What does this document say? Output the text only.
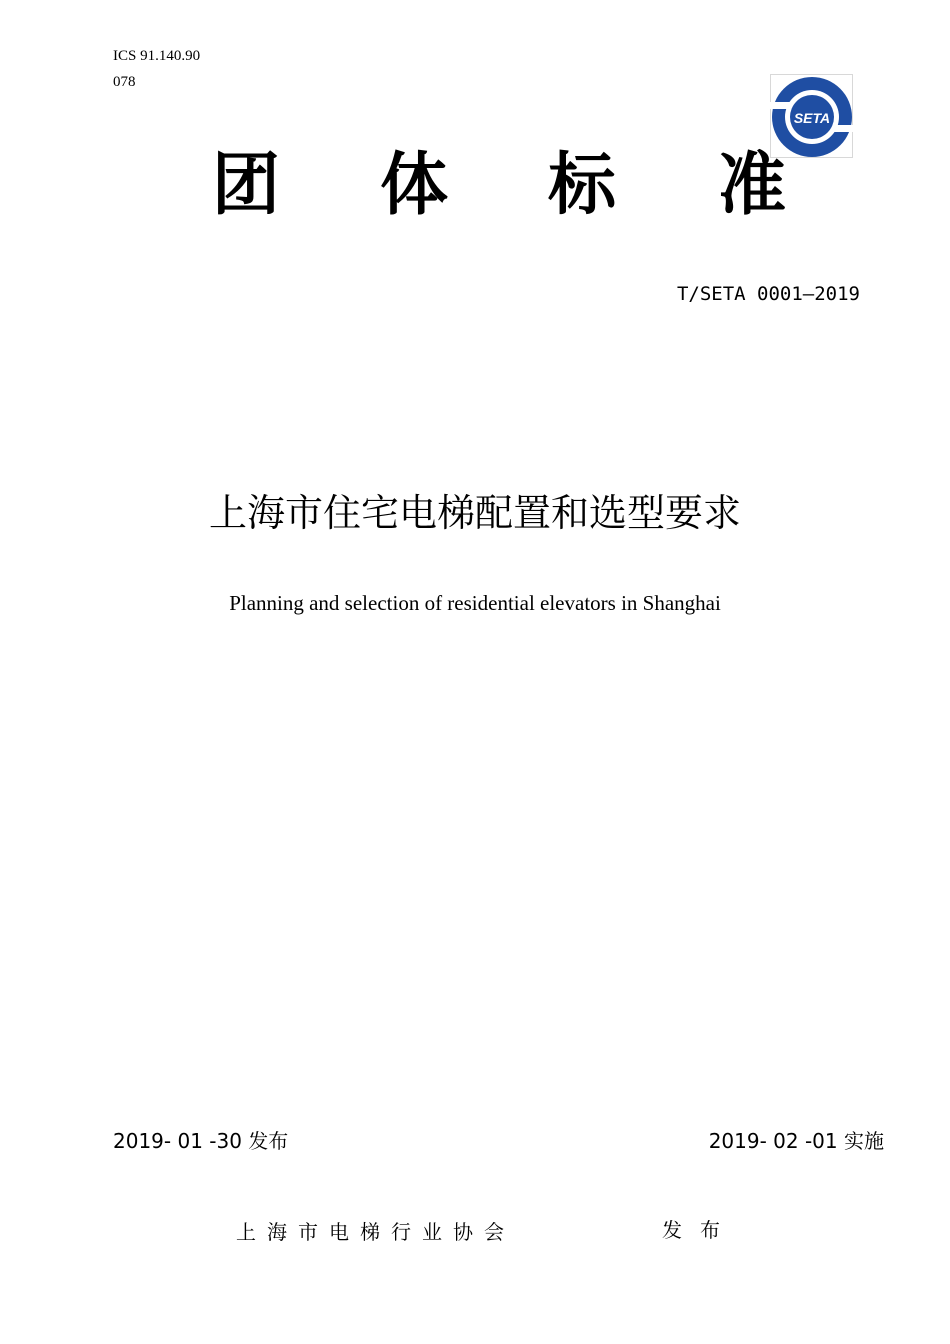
ICS 91.140.90
078
SETA
团 体 标 准
T/SETA 0001—2019
上海市住宅电梯配置和选型要求
Planning and selection of residential elevators in Shanghai
2019- 01 -30 发布	2019- 02 -01 实施
上海市电梯行业协会	发布
